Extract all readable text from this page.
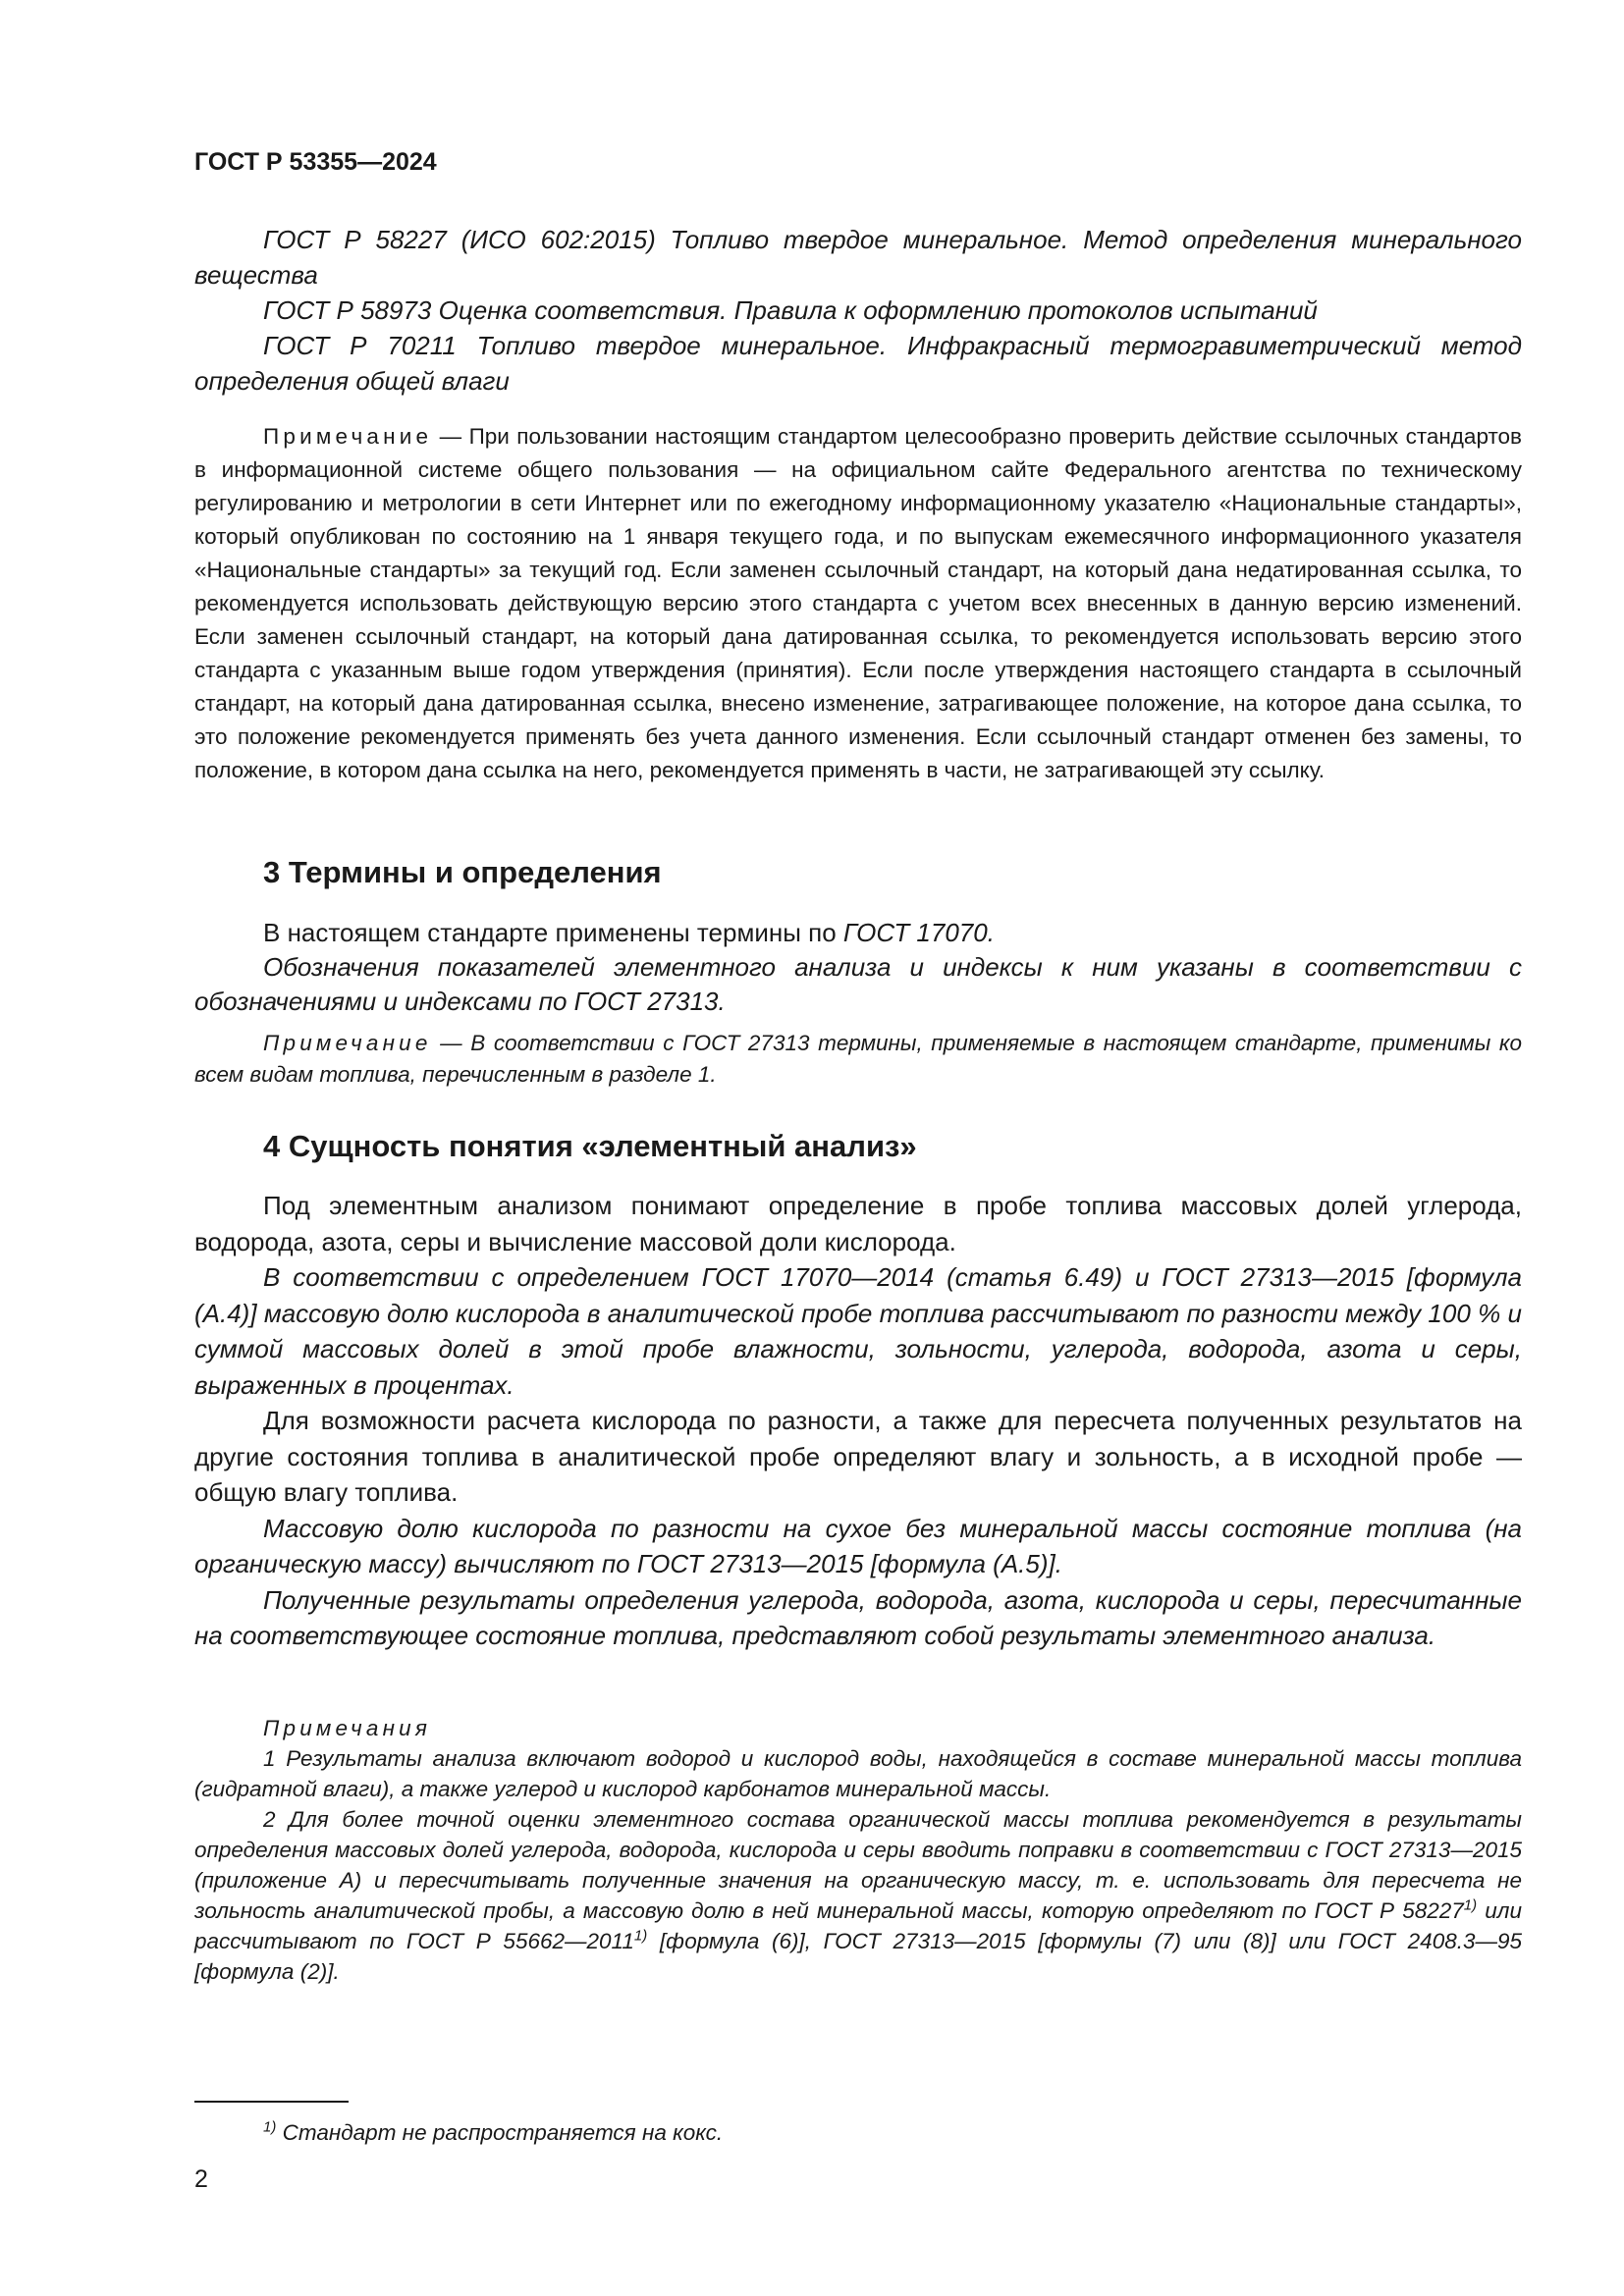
ГОСТ Р 53355—2024

ГОСТ Р 58227 (ИСО 602:2015) Топливо твердое минеральное. Метод определения минерального вещества

ГОСТ Р 58973 Оценка соответствия. Правила к оформлению протоколов испытаний

ГОСТ Р 70211 Топливо твердое минеральное. Инфракрасный термогравиметрический метод определения общей влаги

Примечание — При пользовании настоящим стандартом целесообразно проверить действие ссылочных стандартов в информационной системе общего пользования — на официальном сайте Федерального агентства по техническому регулированию и метрологии в сети Интернет или по ежегодному информационному указателю «Национальные стандарты», который опубликован по состоянию на 1 января текущего года, и по выпускам ежемесячного информационного указателя «Национальные стандарты» за текущий год. Если заменен ссылочный стандарт, на который дана недатированная ссылка, то рекомендуется использовать действующую версию этого стандарта с учетом всех внесенных в данную версию изменений. Если заменен ссылочный стандарт, на который дана датированная ссылка, то рекомендуется использовать версию этого стандарта с указанным выше годом утверждения (принятия). Если после утверждения настоящего стандарта в ссылочный стандарт, на который дана датированная ссылка, внесено изменение, затрагивающее положение, на которое дана ссылка, то это положение рекомендуется применять без учета данного изменения. Если ссылочный стандарт отменен без замены, то положение, в котором дана ссылка на него, рекомендуется применять в части, не затрагивающей эту ссылку.

3 Термины и определения

В настоящем стандарте применены термины по ГОСТ 17070.

Обозначения показателей элементного анализа и индексы к ним указаны в соответствии с обозначениями и индексами по ГОСТ 27313.

Примечание — В соответствии с ГОСТ 27313 термины, применяемые в настоящем стандарте, применимы ко всем видам топлива, перечисленным в разделе 1.

4 Сущность понятия «элементный анализ»

Под элементным анализом понимают определение в пробе топлива массовых долей углерода, водорода, азота, серы и вычисление массовой доли кислорода.

В соответствии с определением ГОСТ 17070—2014 (статья 6.49) и ГОСТ 27313—2015 [формула (А.4)] массовую долю кислорода в аналитической пробе топлива рассчитывают по разности между 100 % и суммой массовых долей в этой пробе влажности, зольности, углерода, водорода, азота и серы, выраженных в процентах.

Для возможности расчета кислорода по разности, а также для пересчета полученных результатов на другие состояния топлива в аналитической пробе определяют влагу и зольность, а в исходной пробе — общую влагу топлива.

Массовую долю кислорода по разности на сухое без минеральной массы состояние топлива (на органическую массу) вычисляют по ГОСТ 27313—2015 [формула (А.5)].

Полученные результаты определения углерода, водорода, азота, кислорода и серы, пересчитанные на соответствующее состояние топлива, представляют собой результаты элементного анализа.

Примечания

1 Результаты анализа включают водород и кислород воды, находящейся в составе минеральной массы топлива (гидратной влаги), а также углерод и кислород карбонатов минеральной массы.

2 Для более точной оценки элементного состава органической массы топлива рекомендуется в результаты определения массовых долей углерода, водорода, кислорода и серы вводить поправки в соответствии с ГОСТ 27313—2015 (приложение А) и пересчитывать полученные значения на органическую массу, т. е. использовать для пересчета не зольность аналитической пробы, а массовую долю в ней минеральной массы, которую определяют по ГОСТ Р 58227$^{1)}$ или рассчитывают по ГОСТ Р 55662—2011$^{1)}$ [формула (6)], ГОСТ 27313—2015 [формулы (7) или (8)] или ГОСТ 2408.3—95 [формула (2)].

$^{1)}$ Стандарт не распространяется на кокс.
2
